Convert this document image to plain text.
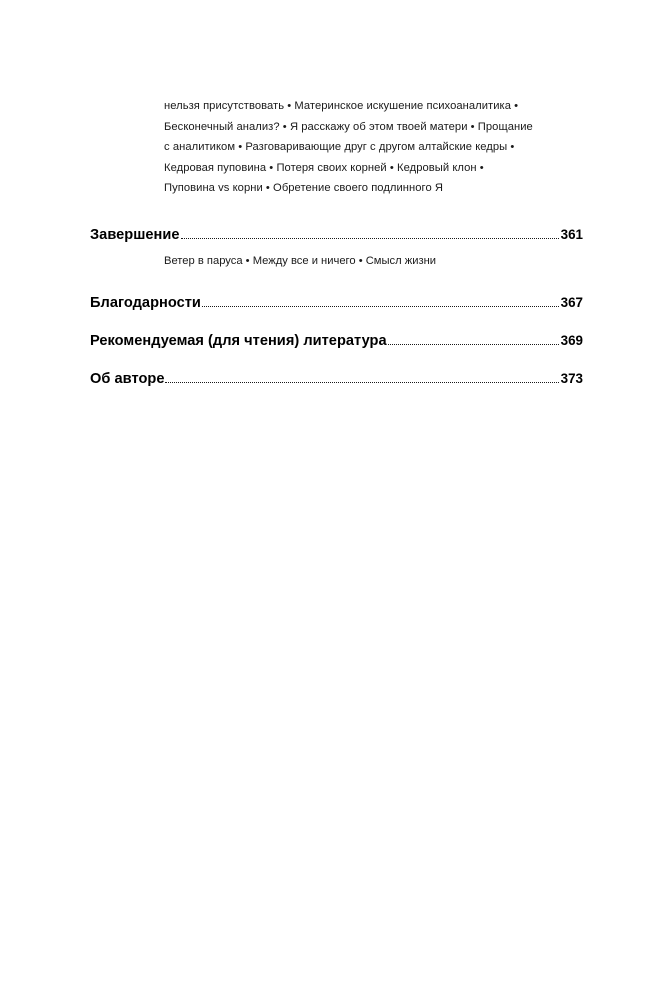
нельзя присутствовать • Материнское искушение психоаналитика •
Бесконечный анализ? • Я расскажу об этом твоей матери • Прощание
с аналитиком • Разговаривающие друг с другом алтайские кедры •
Кедровая пуповина • Потеря своих корней • Кедровый клон •
Пуповина vs корни • Обретение своего подлинного Я
Завершение	361
Ветер в паруса • Между все и ничего • Смысл жизни
Благодарности	367
Рекомендуемая (для чтения) литература	369
Об авторе	373
